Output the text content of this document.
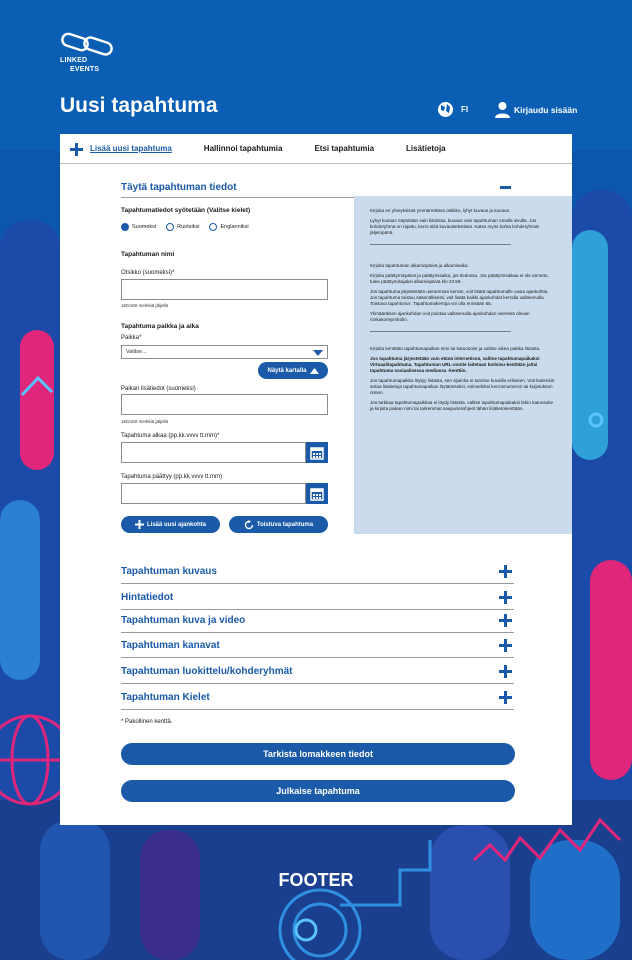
LINKED
EVENTS
Uusi tapahtuma	FI	Kirjaudu sisään
Lisää uusi tapahtuma	Hallinnoi tapahtumia	Etsi tapahtumia	Lisätietoja
Täytä tapahtuman tiedot

Kirjoita eri yhteyksissä ymmärrettävä otsikko, lyhyt kuvaus ja kuvaus.

Lyhyt kuvaus näytetään vain listoissa, kuvaus vain tapahtuman omalla sivulla. Jos kohderyhmä on rajattu, kerro siitä kuvaustekstissä. Katso myös kohta kohderyhmät jäljempänä.

Kirjoita tapahtuman alkamispäivä ja alkamisaika.

Kirjoita päättymispäivä ja päättymisaika, jos tiedossa. Jos päättymisaikaa ei ole annettu, tulee päättymisajaksi alkamispäivä klo 23.59.

Jos tapahtuma järjestetään useamman kerran, voit lisätä tapahtumalle uusia ajankohtia. Jos tapahtuma toistuu säännöllisesti, voit lisätä kaikki ajankohdat kerralla valitsemalla Toistuva tapahtuma’. Tapahtumakertoja voi olla enintään 65.

Ylimääräisen ajankohdan voit poistaa valitsemalla ajankohdan vieressä olevan roskakorisymbolin.

Kirjoita kenttään tapahtumapaikan nimi tai katuosoite ja valitse oikea paikka listasta.

Jos tapahtuma järjestetään vain etänä internetissä, valitse tapahtumapaikaksi Virtuaalitapahtuma. Tapahtuman URL-osoite laitetaan kotisivu-kenttään ja/tai tapahtuma sosiaalisessa mediassa -kenttiin.

Jos tapahtumapaikka löytyy listasta, sen sijaintia ei tarvitse kuvailla erikseen. Voit kuitenkin antaa lisätietoja tapahtumapaikan löytämiseksi, esimerkiksi kerrosnumeron tai kuljetuksen nimen.

Jos tarkkaa tapahtumapaikkaa ei löydy listasta, valitse tapahtumapaikaksi lähin katuosoite ja kirjoita paikan nimi tai tarkemmat saapumisohjeet tähän lisätietokenttään.

Tapahtumatiedot syötetään (Valitse kielet)
Suomeksi	Ruotsiksi	Englanniksi
Tapahtuman nimi
Otsikko (suomeksi)*
160/160 merkkiä jäljellä
Tapahtuma paikka ja aika
Paikka*
Valitse...
Näytä kartalla
Paikan lisätiedot (suomeksi)
160/160 merkkiä jäljellä
Tapahtuma alkaa (pp.kk.vvvv tt.mm)*
Tapahtuma päättyy (pp.kk.vvvv tt.mm)
Lisää uusi ajankohta	Toistuva tapahtuma
Tapahtuman kuvaus
Hintatiedot
Tapahtuman kuva ja video
Tapahtuman kanavat
Tapahtuman luokittelu/kohderyhmät
Tapahtuman Kielet
* Pakollinen kenttä.
Tarkista lomakkeen tiedot
Julkaise tapahtuma
FOOTER
